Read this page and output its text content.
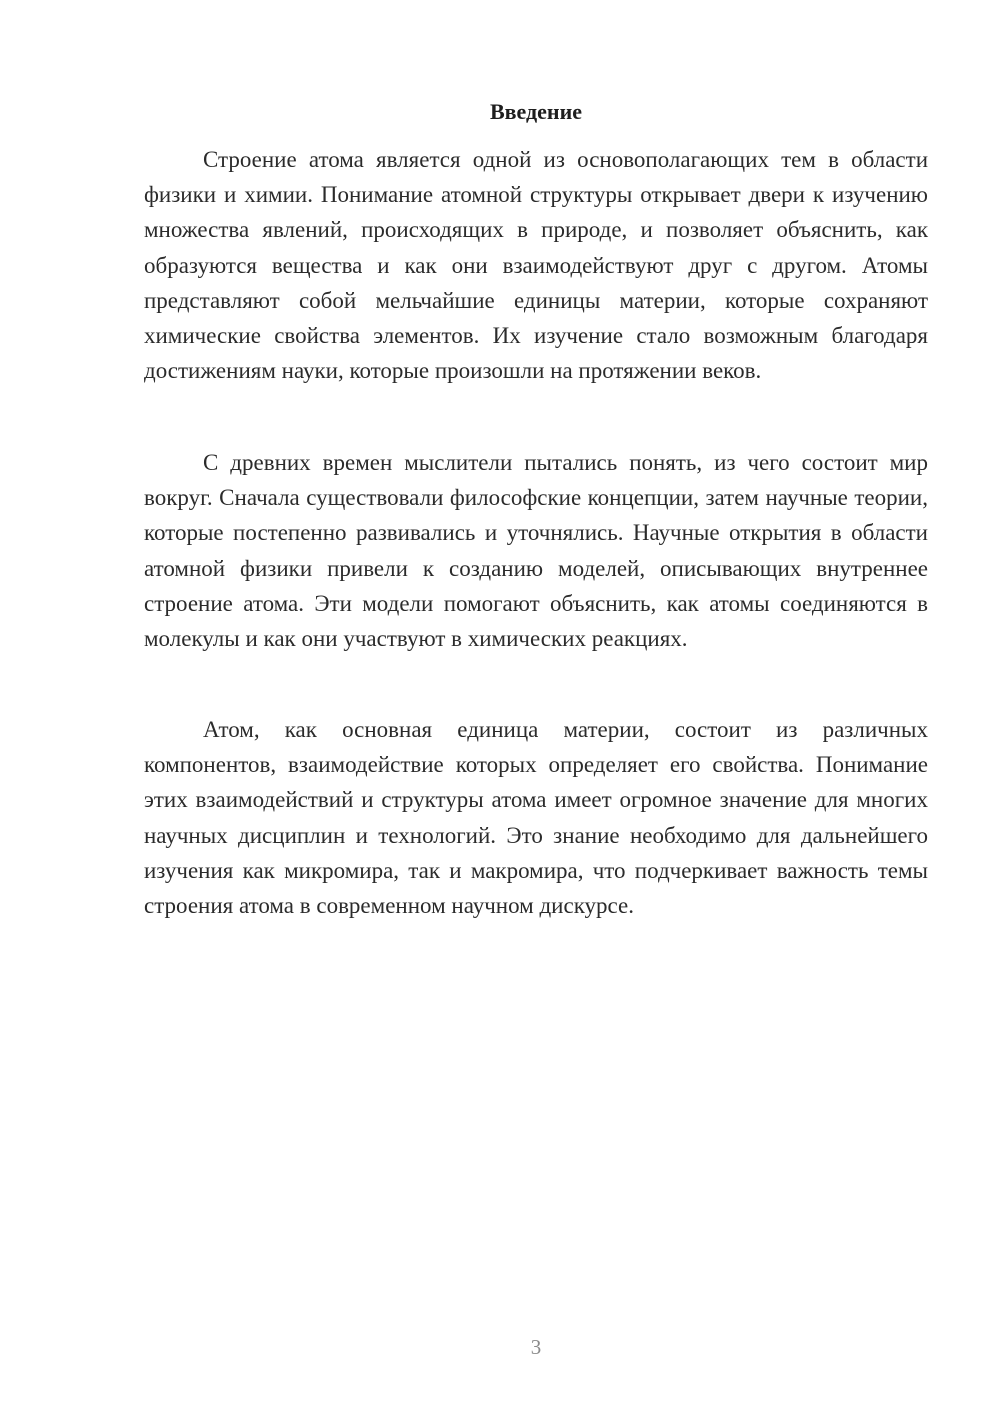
Введение

Строение атома является одной из основополагающих тем в области физики и химии. Понимание атомной структуры открывает двери к изучению множества явлений, происходящих в природе, и позволяет объяснить, как образуются вещества и как они взаимодействуют друг с другом. Атомы представляют собой мельчайшие единицы материи, которые сохраняют химические свойства элементов. Их изучение стало возможным благодаря достижениям науки, которые произошли на протяжении веков.

С древних времен мыслители пытались понять, из чего состоит мир вокруг. Сначала существовали философские концепции, затем научные теории, которые постепенно развивались и уточнялись. Научные открытия в области атомной физики привели к созданию моделей, описывающих внутреннее строение атома. Эти модели помогают объяснить, как атомы соединяются в молекулы и как они участвуют в химических реакциях.

Атом, как основная единица материи, состоит из различных компонентов, взаимодействие которых определяет его свойства. Понимание этих взаимодействий и структуры атома имеет огромное значение для многих научных дисциплин и технологий. Это знание необходимо для дальнейшего изучения как микромира, так и макромира, что подчеркивает важность темы строения атома в современном научном дискурсе.

3
